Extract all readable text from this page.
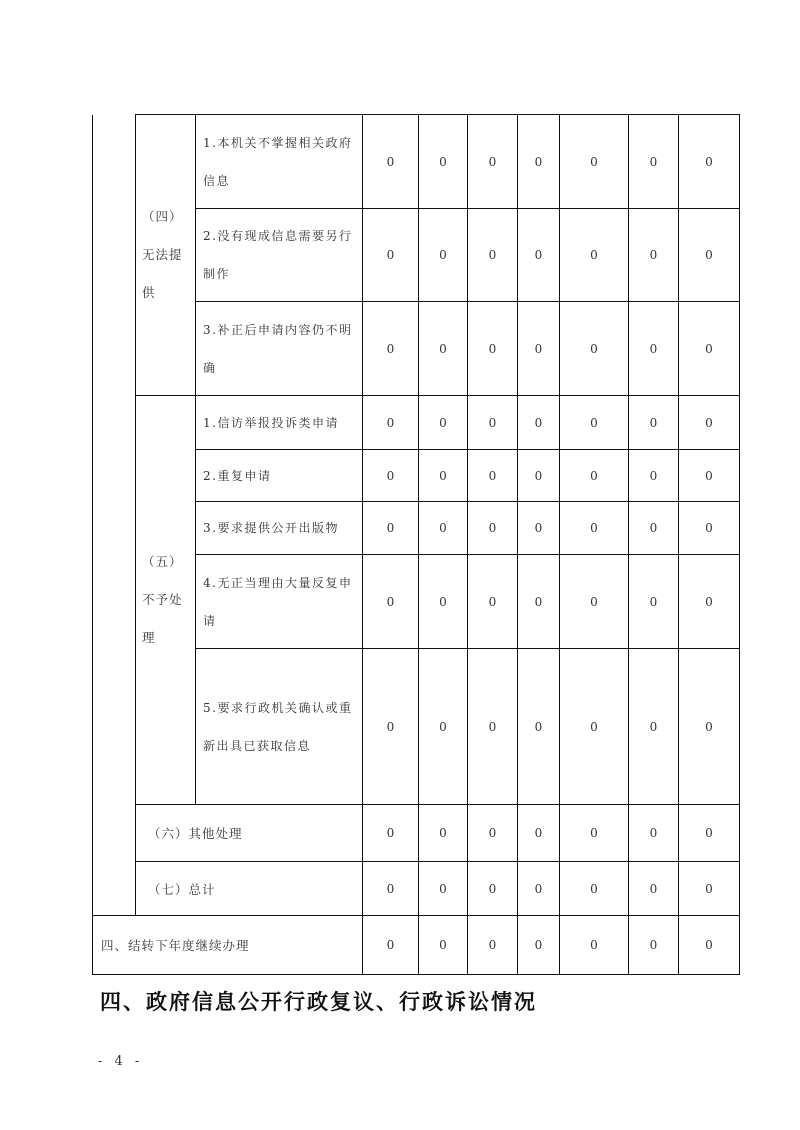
	（四）
无法提
供	1.本机关不掌握相关政府信息	0	0	0	0	0	0	0
		2.没有现成信息需要另行制作	0	0	0	0	0	0	0
		3.补正后申请内容仍不明确	0	0	0	0	0	0	0

	（五）
不予处
理	1.信访举报投诉类申请	0	0	0	0	0	0	0
		2.重复申请	0	0	0	0	0	0	0
		3.要求提供公开出版物	0	0	0	0	0	0	0
		4.无正当理由大量反复申请	0	0	0	0	0	0	0
		5.要求行政机关确认或重新出具已获取信息	0	0	0	0	0	0	0
	（六）其他处理		0	0	0	0	0	0	0
	（七）总计		0	0	0	0	0	0	0
四、结转下年度继续办理			0	0	0	0	0	0	0
四、政府信息公开行政复议、行政诉讼情况
- 4 -
